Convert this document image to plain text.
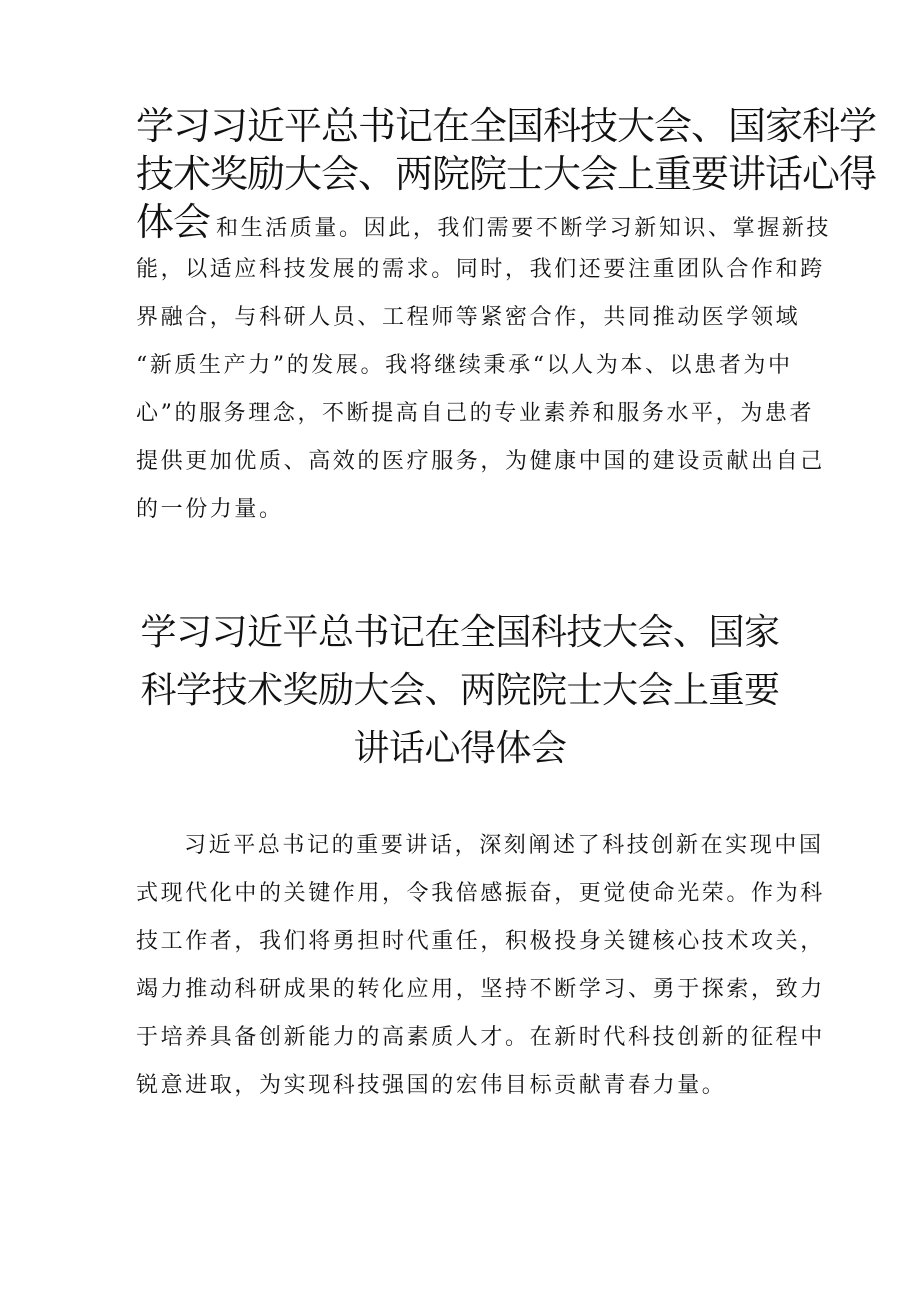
学习习近平总书记在全国科技大会、国家科学
技术奖励大会、两院院士大会上重要讲话心得
体会 和生活质量。因此，我们需要不断学习新知识、掌握新技
能，以适应科技发展的需求。同时，我们还要注重团队合作和跨
界融合，与科研人员、工程师等紧密合作，共同推动医学领域
“新质生产力”的发展。我将继续秉承“以人为本、以患者为中
心”的服务理念，不断提高自己的专业素养和服务水平，为患者
提供更加优质、高效的医疗服务，为健康中国的建设贡献出自己
的一份力量。
学习习近平总书记在全国科技大会、国家
科学技术奖励大会、两院院士大会上重要
讲话心得体会
习近平总书记的重要讲话，深刻阐述了科技创新在实现中国
式现代化中的关键作用，令我倍感振奋，更觉使命光荣。作为科
技工作者，我们将勇担时代重任，积极投身关键核心技术攻关，
竭力推动科研成果的转化应用，坚持不断学习、勇于探索，致力
于培养具备创新能力的高素质人才。在新时代科技创新的征程中
锐意进取，为实现科技强国的宏伟目标贡献青春力量。
